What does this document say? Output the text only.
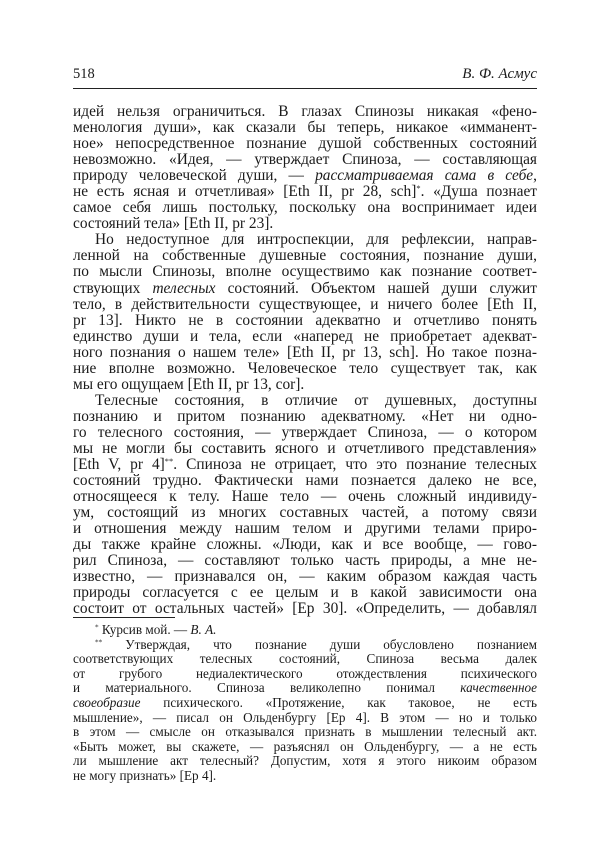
518	В. Ф. Асмус
идей нельзя ограничиться. В глазах Спинозы никакая «фено-
менология души», как сказали бы теперь, никакое «имманент-
ное» непосредственное познание душой собственных состояний
невозможно. «Идея, — утверждает Спиноза, — составляющая
природу человеческой души, — рассматриваемая сама в себе,
не есть ясная и отчетливая» [Eth II, pr 28, sch]*. «Душа познает
самое себя лишь постольку, поскольку она воспринимает идеи
состояний тела» [Eth II, pr 23].
Но недоступное для интроспекции, для рефлексии, направ-
ленной на собственные душевные состояния, познание души,
по мысли Спинозы, вполне осуществимо как познание соответ-
ствующих телесных состояний. Объектом нашей души служит
тело, в действительности существующее, и ничего более [Eth II,
pr 13]. Никто не в состоянии адекватно и отчетливо понять
единство души и тела, если «наперед не приобретает адекват-
ного познания о нашем теле» [Eth II, pr 13, sch]. Но такое позна-
ние вполне возможно. Человеческое тело существует так, как
мы его ощущаем [Eth II, pr 13, cor].
Телесные состояния, в отличие от душевных, доступны
познанию и притом познанию адекватному. «Нет ни одно-
го телесного состояния, — утверждает Спиноза, — о котором
мы не могли бы составить ясного и отчетливого представления»
[Eth V, pr 4]**. Спиноза не отрицает, что это познание телесных
состояний трудно. Фактически нами познается далеко не все,
относящееся к телу. Наше тело — очень сложный индивиду-
ум, состоящий из многих составных частей, а потому связи
и отношения между нашим телом и другими телами приро-
ды также крайне сложны. «Люди, как и все вообще, — гово-
рил Спиноза, — составляют только часть природы, а мне не-
известно, — признавался он, — каким образом каждая часть
природы согласуется с ее целым и в какой зависимости она
состоит от остальных частей» [Ep 30]. «Определить, — добавлял
* Курсив мой. — В. А.
** Утверждая, что познание души обусловлено познанием
соответствующих телесных состояний, Спиноза весьма далек
от грубого недиалектического отождествления психического
и материального. Спиноза великолепно понимал качественное
своеобразие психического. «Протяжение, как таковое, не есть
мышление», — писал он Ольденбургу [Ep 4]. В этом — но и только
в этом — смысле он отказывался признать в мышлении телесный акт.
«Быть может, вы скажете, — разъяснял он Ольденбургу, — а не есть
ли мышление акт телесный? Допустим, хотя я этого никоим образом
не могу признать» [Ep 4].
